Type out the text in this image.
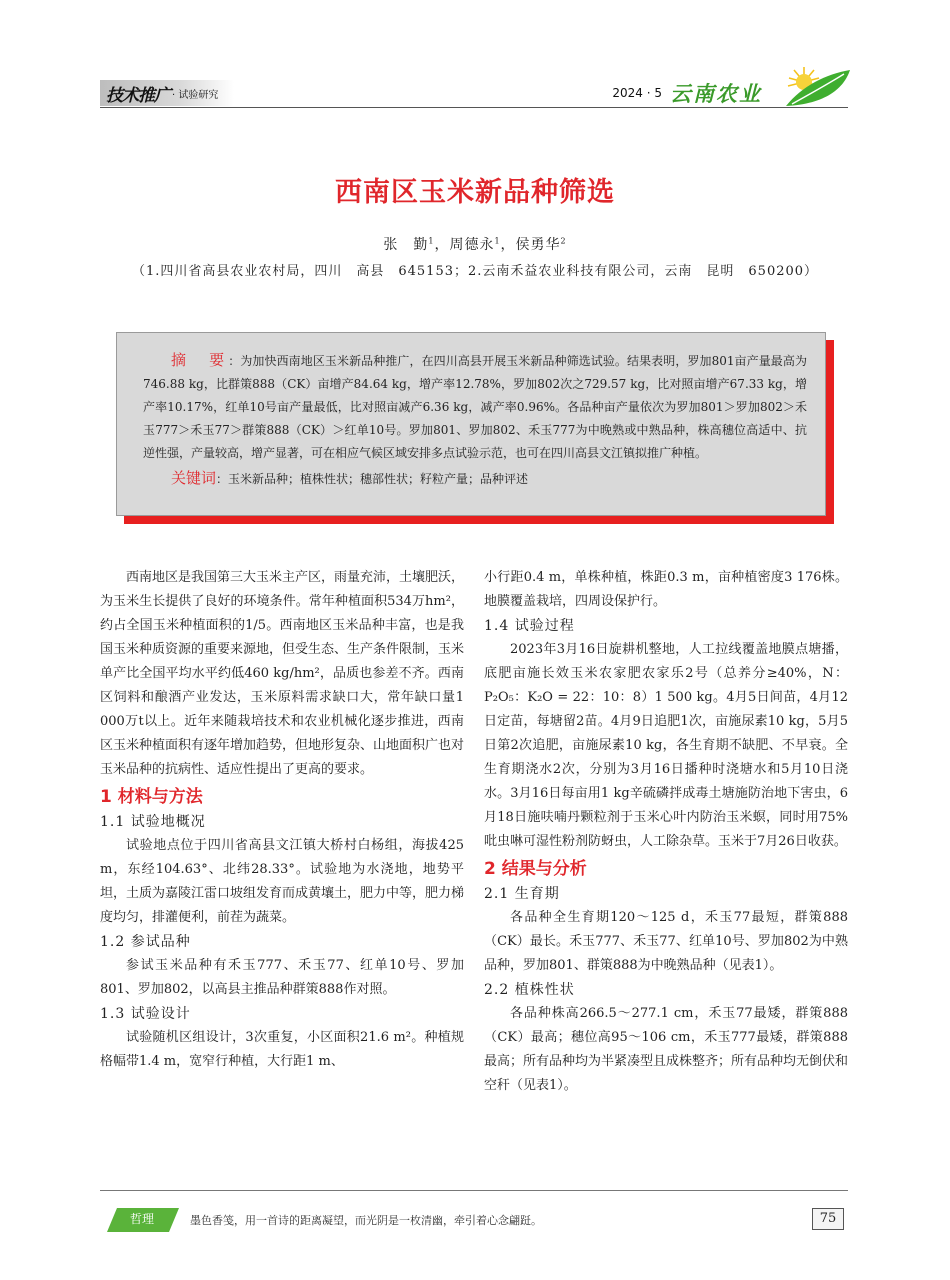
技术推广 · 试验研究	2024 · 5 云南农业
西南区玉米新品种筛选
张　勤$^1$，周德永$^1$，侯勇华$^2$
（1.四川省高县农业农村局，四川　高县　645153；2.云南禾益农业科技有限公司，云南　昆明　650200）
摘　要：为加快西南地区玉米新品种推广，在四川高县开展玉米新品种筛选试验。结果表明，罗加801亩产量最高为746.88 kg，比群策888（CK）亩增产84.64 kg，增产率12.78%，罗加802次之729.57 kg，比对照亩增产67.33 kg，增产率10.17%，红单10号亩产量最低，比对照亩减产6.36 kg，减产率0.96%。各品种亩产量依次为罗加801＞罗加802＞禾玉777＞禾玉77＞群策888（CK）＞红单10号。罗加801、罗加802、禾玉777为中晚熟或中熟品种，株高穗位高适中、抗逆性强，产量较高，增产显著，可在相应气候区域安排多点试验示范，也可在四川高县文江镇拟推广种植。
关键词：玉米新品种；植株性状；穗部性状；籽粒产量；品种评述

西南地区是我国第三大玉米主产区，雨量充沛，土壤肥沃，为玉米生长提供了良好的环境条件。常年种植面积534万hm²，约占全国玉米种植面积的1/5。西南地区玉米品种丰富，也是我国玉米种质资源的重要来源地，但受生态、生产条件限制，玉米单产比全国平均水平约低460 kg/hm²，品质也参差不齐。西南区饲料和酿酒产业发达，玉米原料需求缺口大，常年缺口量1 000万t以上。近年来随栽培技术和农业机械化逐步推进，西南区玉米种植面积有逐年增加趋势，但地形复杂、山地面积广也对玉米品种的抗病性、适应性提出了更高的要求。

1 材料与方法
1.1 试验地概况

试验地点位于四川省高县文江镇大桥村白杨组，海拔425 m，东经104.63°、北纬28.33°。试验地为水浇地，地势平坦，土质为嘉陵江雷口坡组发育而成黄壤土，肥力中等，肥力梯度均匀，排灌便利，前茬为蔬菜。

1.2 参试品种

参试玉米品种有禾玉777、禾玉77、红单10号、罗加801、罗加802，以高县主推品种群策888作对照。

1.3 试验设计

试验随机区组设计，3次重复，小区面积21.6 m²。种植规格幅带1.4 m，宽窄行种植，大行距1 m、

小行距0.4 m，单株种植，株距0.3 m，亩种植密度3 176株。地膜覆盖栽培，四周设保护行。

1.4 试验过程

2023年3月16日旋耕机整地，人工拉线覆盖地膜点塘播，底肥亩施长效玉米农家肥农家乐2号（总养分≥40%，N：P₂O₅：K₂O = 22：10：8）1 500 kg。4月5日间苗，4月12日定苗，每塘留2苗。4月9日追肥1次，亩施尿素10 kg，5月5日第2次追肥，亩施尿素10 kg，各生育期不缺肥、不早衰。全生育期浇水2次，分别为3月16日播种时浇塘水和5月10日浇水。3月16日每亩用1 kg辛硫磷拌成毒土塘施防治地下害虫，6月18日施呋喃丹颗粒剂于玉米心叶内防治玉米螟，同时用75%吡虫啉可湿性粉剂防蚜虫，人工除杂草。玉米于7月26日收获。

2 结果与分析
2.1 生育期

各品种全生育期120～125 d，禾玉77最短，群策888（CK）最长。禾玉777、禾玉77、红单10号、罗加802为中熟品种，罗加801、群策888为中晚熟品种（见表1）。

2.2 植株性状

各品种株高266.5～277.1 cm，禾玉77最矮，群策888（CK）最高；穗位高95～106 cm，禾玉777最矮，群策888最高；所有品种均为半紧凑型且成株整齐；所有品种均无倒伏和空秆（见表1）。

哲理	墨色香笺，用一首诗的距离凝望，而光阴是一枚清幽，牵引着心念翩跹。	75
